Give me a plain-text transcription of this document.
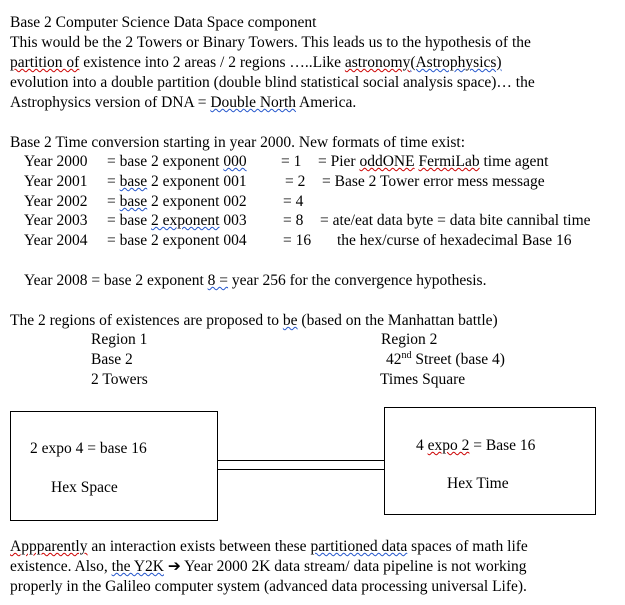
Base 2 Computer Science Data Space component
This would be the 2 Towers or Binary Towers. This leads us to the hypothesis of the
partition of existence into 2 areas / 2 regions …..Like astronomy(Astrophysics)
evolution into a double partition (double blind statistical social analysis space)… the
Astrophysics version of DNA = Double North America.
Base 2 Time conversion starting in year 2000. New formats of time exist:
Year 2000 = base 2 exponent 000 = 1 = Pier oddONE FermiLab time agent
Year 2001 = base 2 exponent 001 = 2 = Base 2 Tower error mess message
Year 2002 = base 2 exponent 002 = 4
Year 2003 = base 2 exponent 003 = 8 = ate/eat data byte = data bite cannibal time
Year 2004 = base 2 exponent 004 = 16 the hex/curse of hexadecimal Base 16
Year 2008 = base 2 exponent 8 = year 256 for the convergence hypothesis.
The 2 regions of existences are proposed to be (based on the Manhattan battle)
Region 1
Base 2
2 Towers
Region 2
42nd Street (base 4)
Times Square
2 expo 4 = base 16
Hex Space
4 expo 2 = Base 16
Hex Time
Appparently an interaction exists between these partitioned data spaces of math life
existence. Also, the Y2K ➔ Year 2000 2K data stream/ data pipeline is not working
properly in the Galileo computer system (advanced data processing universal Life).
